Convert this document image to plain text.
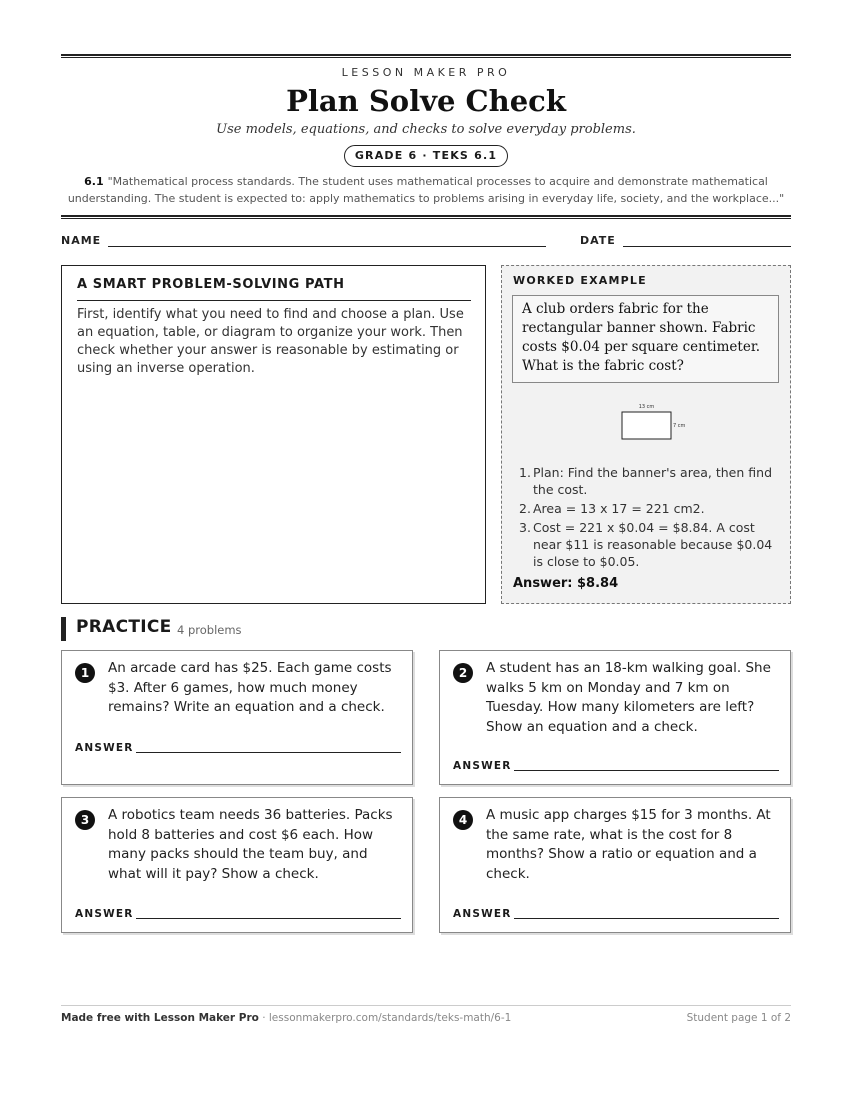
LESSON MAKER PRO
Plan Solve Check
Use models, equations, and checks to solve everyday problems.
GRADE 6 · TEKS 6.1
6.1 "Mathematical process standards. The student uses mathematical processes to acquire and demonstrate mathematical
understanding. The student is expected to: apply mathematics to problems arising in everyday life, society, and the workplace..."
NAME	DATE
A SMART PROBLEM-SOLVING PATH
First, identify what you need to find and choose a plan. Use an equation, table, or diagram to organize your work. Then check whether your answer is reasonable by estimating or using an inverse operation.
WORKED EXAMPLE
A club orders fabric for the rectangular banner shown. Fabric costs $0.04 per square centimeter. What is the fabric cost?
13 cm
7 cm
1. Plan: Find the banner's area, then find the cost.
2. Area = 13 x 17 = 221 cm2.
3. Cost = 221 x $0.04 = $8.84. A cost near $11 is reasonable because $0.04 is close to $0.05.
Answer: $8.84
PRACTICE 4 problems
1	An arcade card has $25. Each game costs $3. After 6 games, how much money remains? Write an equation and a check.
ANSWER
2	A student has an 18-km walking goal. She walks 5 km on Monday and 7 km on Tuesday. How many kilometers are left? Show an equation and a check.
ANSWER
3	A robotics team needs 36 batteries. Packs hold 8 batteries and cost $6 each. How many packs should the team buy, and what will it pay? Show a check.
ANSWER
4	A music app charges $15 for 3 months. At the same rate, what is the cost for 8 months? Show a ratio or equation and a check.
ANSWER
Made free with Lesson Maker Pro · lessonmakerpro.com/standards/teks-math/6-1	Student page 1 of 2
